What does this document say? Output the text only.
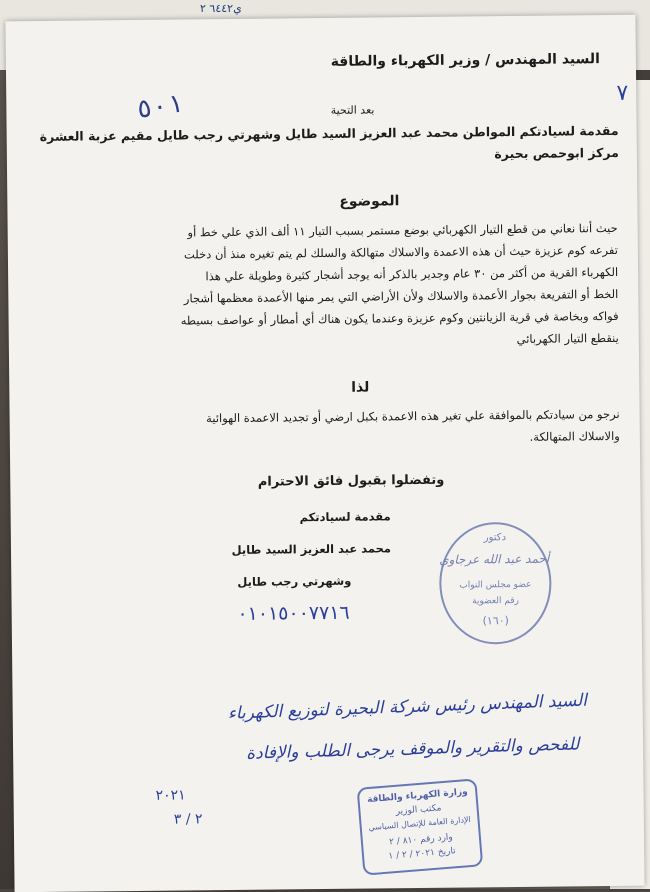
ي٦٤٤٢ ٢
السيد المهندس / وزير الكهرباء والطاقة
٧
٥٠١	بعد التحية
مقدمة لسيادتكم المواطن محمد عبد العزيز السيد طايل وشهرتي رجب طايل مقيم عزبة العشرة
مركز ابوحمص بحيرة
الموضوع
حيث أننا نعاني من قطع التيار الكهربائي بوضع مستمر بسبب التيار ١١ ألف الذي علي خط أو
تفرعه كوم عزيزة حيث أن هذه الاعمدة والاسلاك متهالكة والسلك لم يتم تغيره منذ أن دخلت
الكهرباء القرية من أكثر من ٣٠ عام وجدير بالذكر أنه يوجد أشجار كثيرة وطويلة علي هذا
الخط أو التفريعة بجوار الأعمدة والاسلاك ولأن الأراضي التي يمر منها الأعمدة معظمها أشجار
فواكه وبخاصة في قرية الزيانتين وكوم عزيزة وعندما يكون هناك أي أمطار أو عواصف بسيطه
ينقطع التيار الكهربائي
لذا
نرجو من سيادتكم بالموافقة علي تغير هذه الاعمدة بكبل ارضي أو تجديد الاعمدة الهوائية
والاسلاك المتهالكة.
وتفضلوا بقبول فائق الاحترام
مقدمة لسيادتكم
محمد عبد العزيز السيد طايل
وشهرتي رجب طايل
٠١٠١٥٠٠٧٧١٦
دكتور
أحمد عبد الله عرجاوي
عضو مجلس النواب
رقم العضوية
(١٦٠)
السيد المهندس رئيس شركة البحيرة لتوزيع الكهرباء
للفحص والتقرير والموقف يرجى الطلب والإفادة
٢٠٢١
٢ / ٣
وزارة الكهرباء والطاقة
مكتب الوزير
الإدارة العامة للإتصال السياسي
وارد رقم ٨١٠ / ٢
تاريخ ٢٠٢١ / ٢ / ١
